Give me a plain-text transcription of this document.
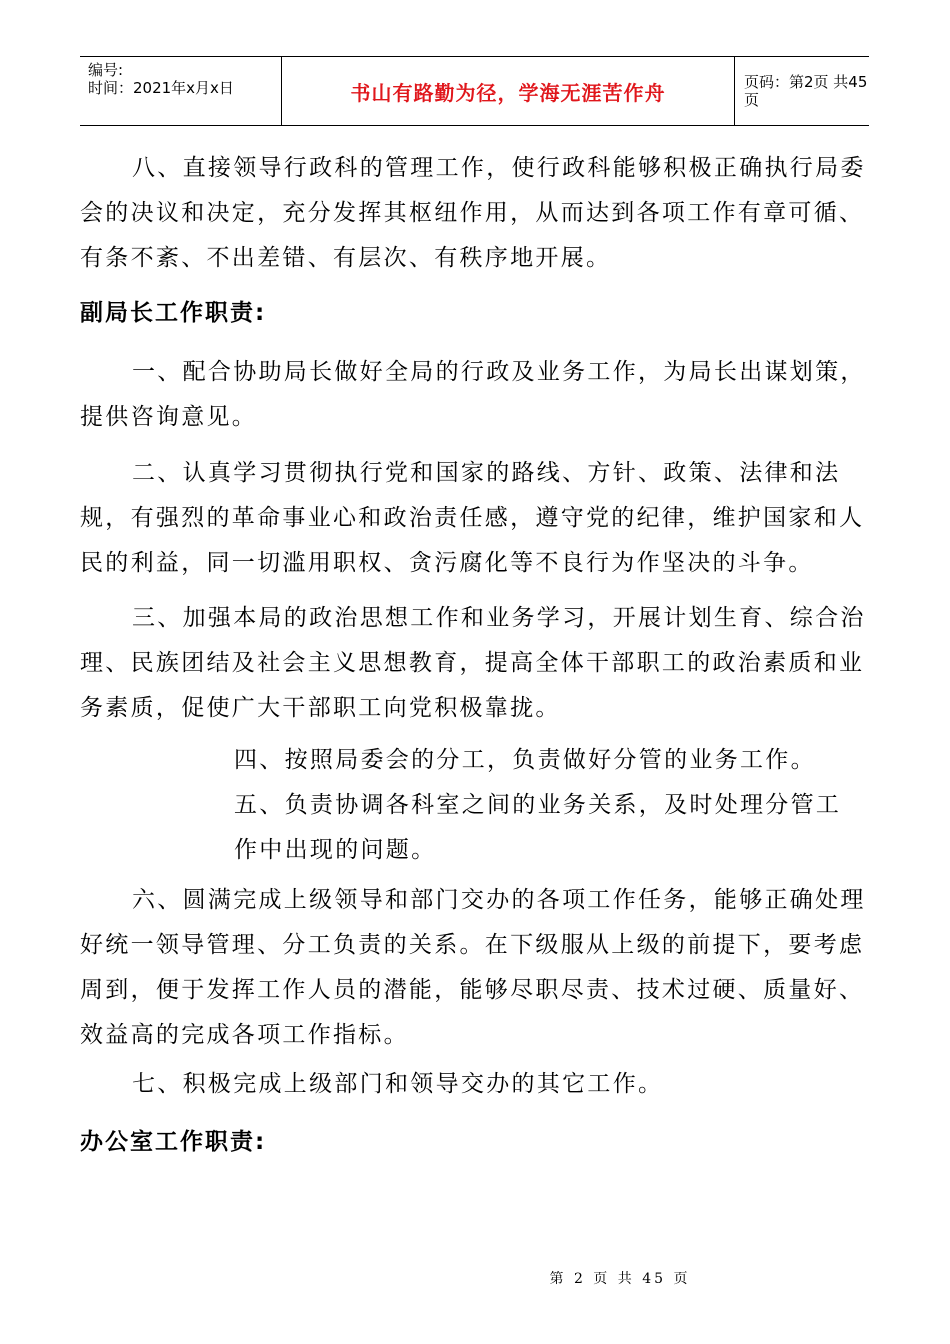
编号:
时间：2021年x月x日	书山有路勤为径，学海无涯苦作舟	页码：第2页 共45页

八、直接领导行政科的管理工作，使行政科能够积极正确执行局委会的决议和决定，充分发挥其枢纽作用，从而达到各项工作有章可循、有条不紊、不出差错、有层次、有秩序地开展。

副局长工作职责:

一、配合协助局长做好全局的行政及业务工作，为局长出谋划策，提供咨询意见。

二、认真学习贯彻执行党和国家的路线、方针、政策、法律和法规，有强烈的革命事业心和政治责任感，遵守党的纪律，维护国家和人民的利益，同一切滥用职权、贪污腐化等不良行为作坚决的斗争。

三、加强本局的政治思想工作和业务学习，开展计划生育、综合治理、民族团结及社会主义思想教育，提高全体干部职工的政治素质和业务素质，促使广大干部职工向党积极靠拢。

四、按照局委会的分工，负责做好分管的业务工作。

五、负责协调各科室之间的业务关系，及时处理分管工作中出现的问题。

六、圆满完成上级领导和部门交办的各项工作任务，能够正确处理好统一领导管理、分工负责的关系。在下级服从上级的前提下，要考虑周到，便于发挥工作人员的潜能，能够尽职尽责、技术过硬、质量好、效益高的完成各项工作指标。

七、积极完成上级部门和领导交办的其它工作。

办公室工作职责:
第 2 页 共 45 页
